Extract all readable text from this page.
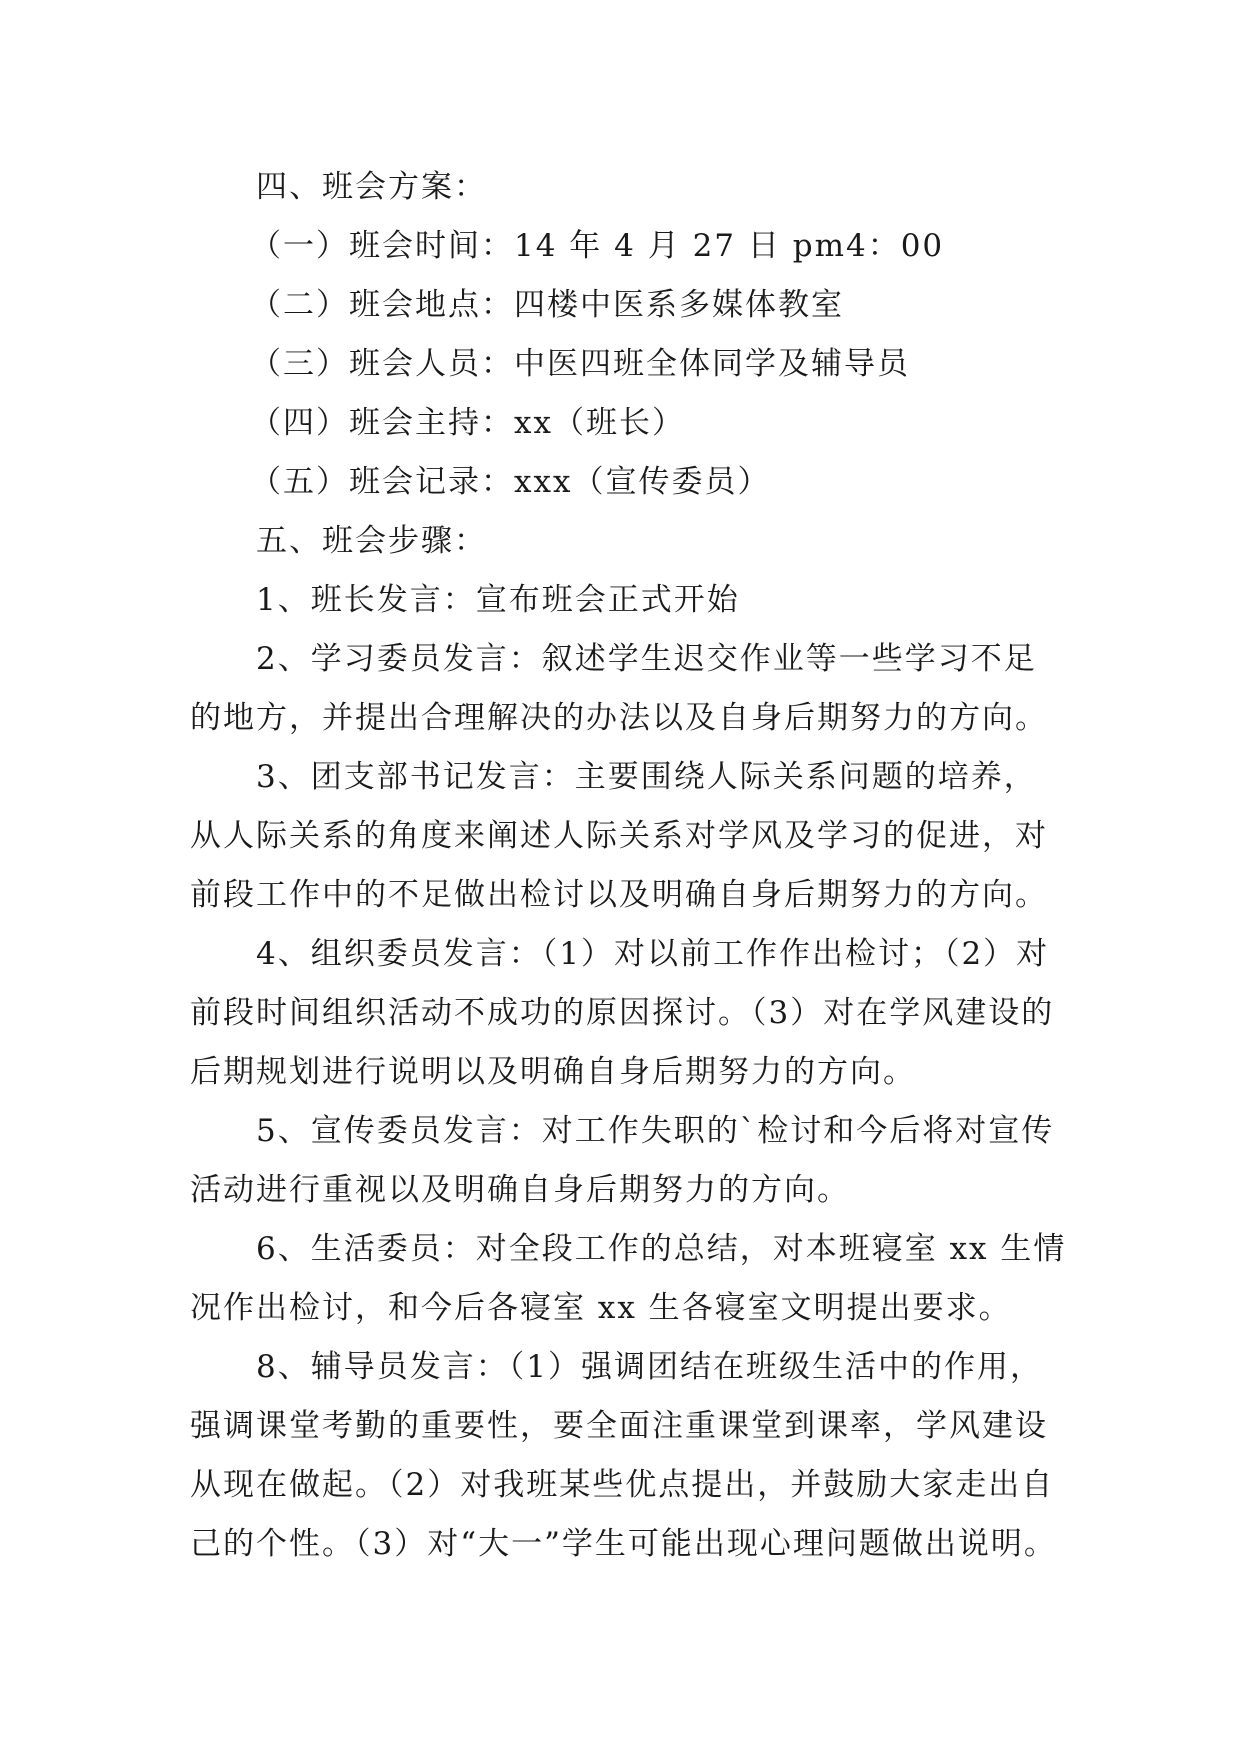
四、班会方案：
（一）班会时间：14 年 4 月 27 日 pm4：00
（二）班会地点：四楼中医系多媒体教室
（三）班会人员：中医四班全体同学及辅导员
（四）班会主持：xx（班长）
（五）班会记录：xxx（宣传委员）
五、班会步骤：
1、班长发言：宣布班会正式开始
2、学习委员发言：叙述学生迟交作业等一些学习不足
的地方，并提出合理解决的办法以及自身后期努力的方向。
3、团支部书记发言：主要围绕人际关系问题的培养，
从人际关系的角度来阐述人际关系对学风及学习的促进，对
前段工作中的不足做出检讨以及明确自身后期努力的方向。
4、组织委员发言：（1）对以前工作作出检讨；（2）对
前段时间组织活动不成功的原因探讨。（3）对在学风建设的
后期规划进行说明以及明确自身后期努力的方向。
5、宣传委员发言：对工作失职的`检讨和今后将对宣传
活动进行重视以及明确自身后期努力的方向。
6、生活委员：对全段工作的总结，对本班寝室 xx 生情
况作出检讨，和今后各寝室 xx 生各寝室文明提出要求。
8、辅导员发言：（1）强调团结在班级生活中的作用，
强调课堂考勤的重要性，要全面注重课堂到课率，学风建设
从现在做起。（2）对我班某些优点提出，并鼓励大家走出自
己的个性。（3）对“大一”学生可能出现心理问题做出说明。
